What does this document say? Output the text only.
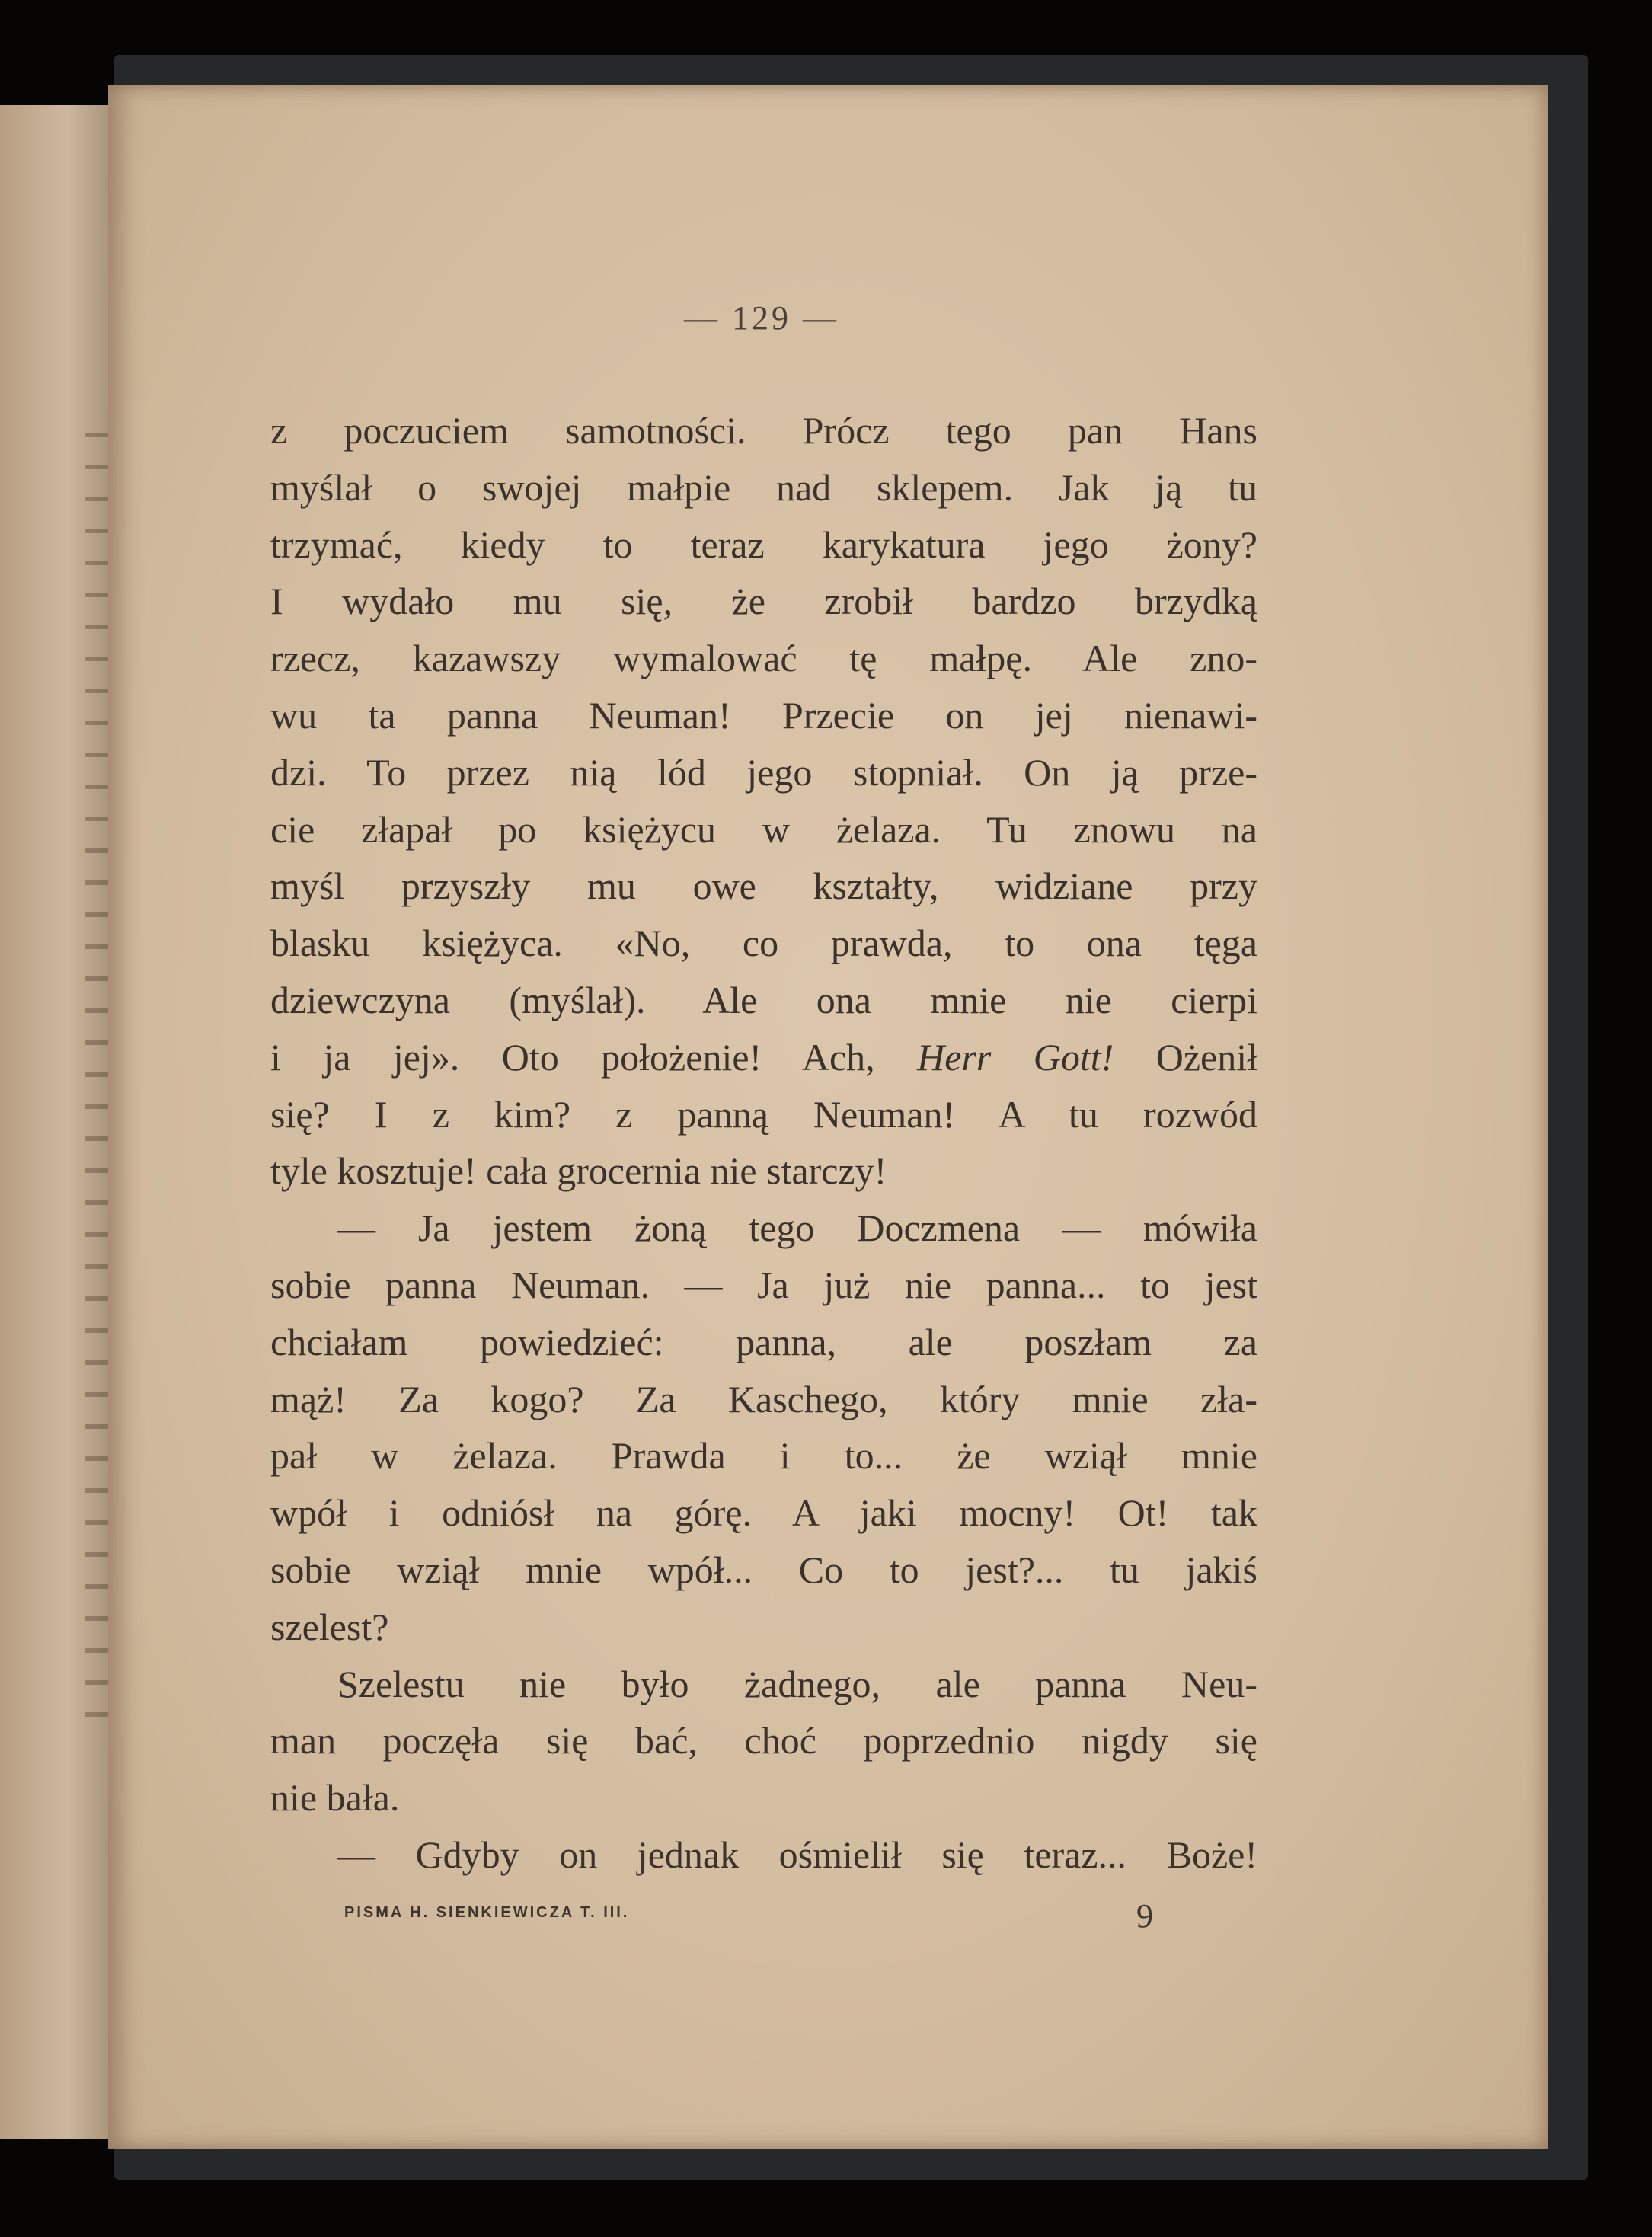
— 129 —
z poczuciem samotności. Prócz tego pan Hans
myślał o swojej małpie nad sklepem. Jak ją tu
trzymać, kiedy to teraz karykatura jego żony?
I wydało mu się, że zrobił bardzo brzydką
rzecz, kazawszy wymalować tę małpę. Ale zno-
wu ta panna Neuman! Przecie on jej nienawi-
dzi. To przez nią lód jego stopniał. On ją prze-
cie złapał po księżycu w żelaza. Tu znowu na
myśl przyszły mu owe kształty, widziane przy
blasku księżyca. «No, co prawda, to ona tęga
dziewczyna (myślał). Ale ona mnie nie cierpi
i ja jej». Oto położenie! Ach, Herr Gott! Ożenił
się? I z kim? z panną Neuman! A tu rozwód
tyle kosztuje! cała grocernia nie starczy!
— Ja jestem żoną tego Doczmena — mówiła
sobie panna Neuman. — Ja już nie panna... to jest
chciałam powiedzieć: panna, ale poszłam za
mąż! Za kogo? Za Kaschego, który mnie zła-
pał w żelaza. Prawda i to... że wziął mnie
wpół i odniósł na górę. A jaki mocny! Ot! tak
sobie wziął mnie wpół... Co to jest?... tu jakiś
szelest?
Szelestu nie było żadnego, ale panna Neu-
man poczęła się bać, choć poprzednio nigdy się
nie bała.
— Gdyby on jednak ośmielił się teraz... Boże!
PISMA H. SIENKIEWICZA T. III.	9
